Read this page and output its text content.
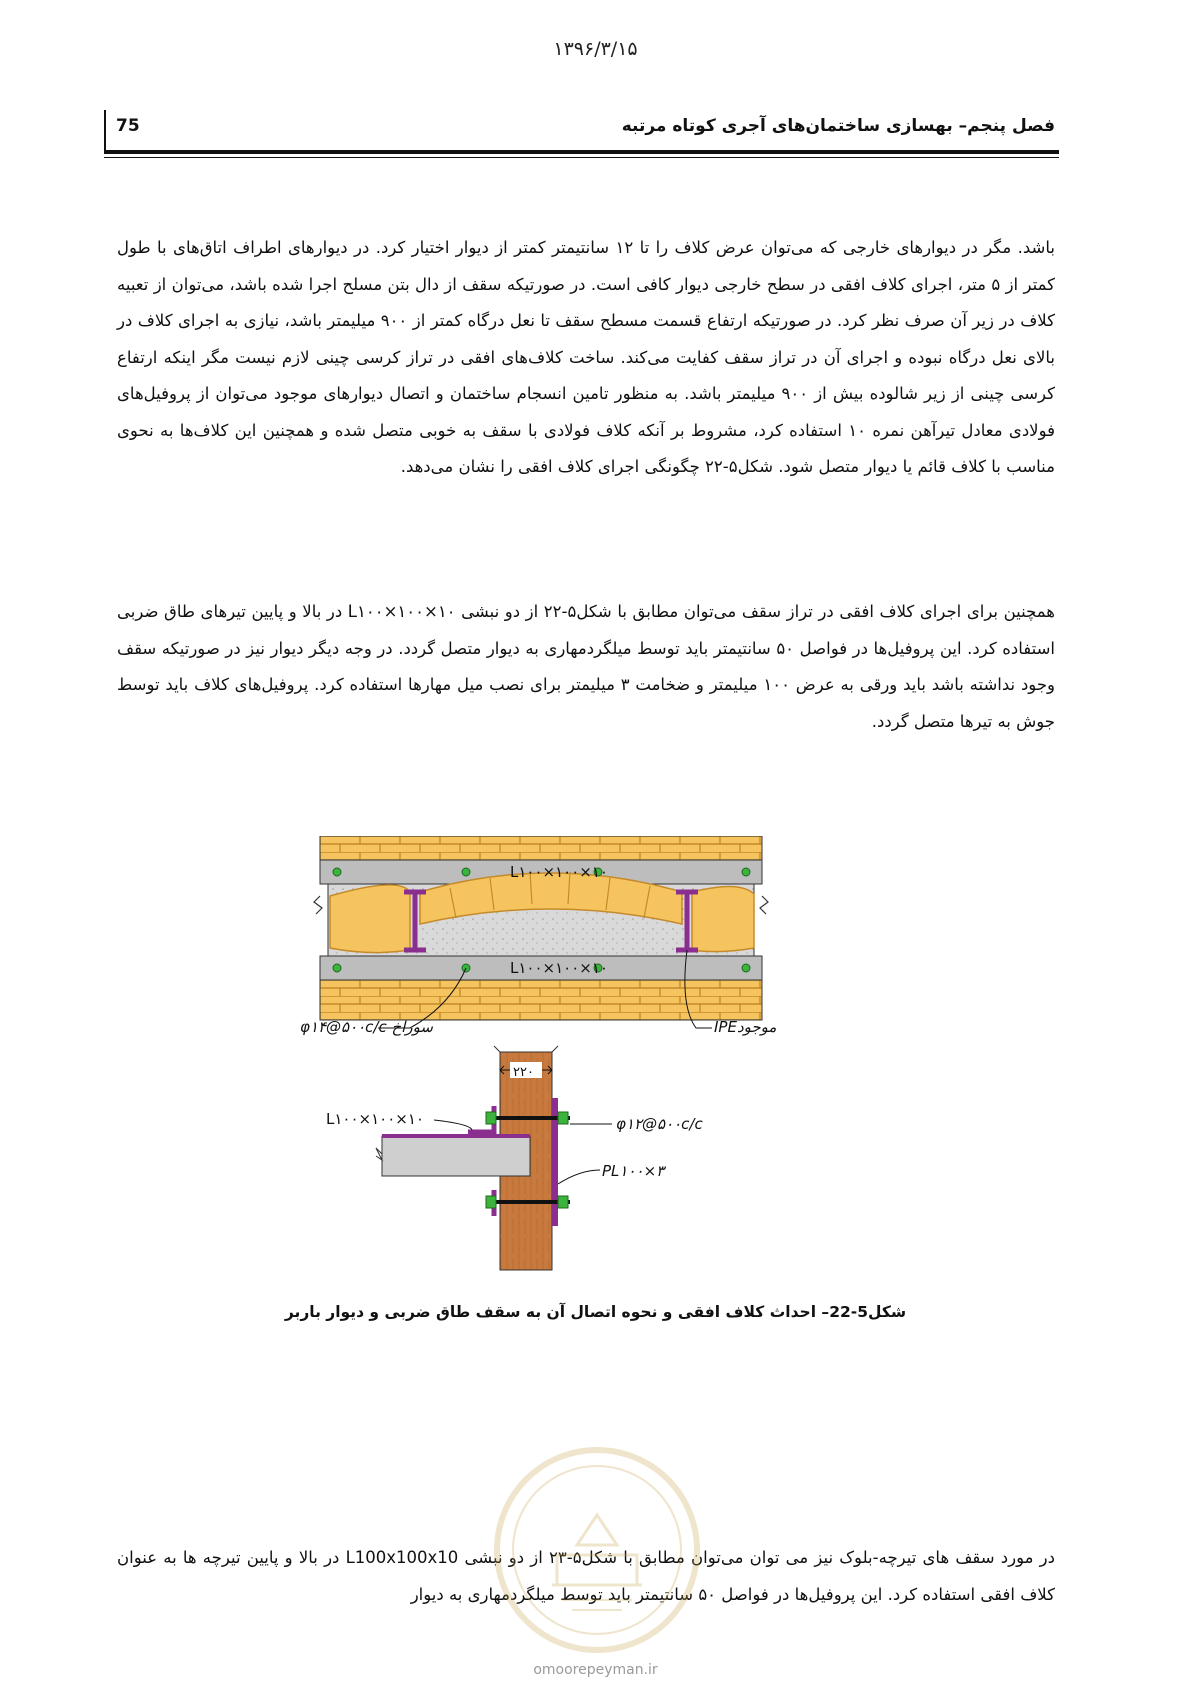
۱۳۹۶/۳/۱۵
75	فصل پنجم– بهسازی ساختمان‌های آجری کوتاه مرتبه
باشد. مگر در دیوارهای خارجی که می‌توان عرض کلاف را تا ۱۲ سانتیمتر کمتر از دیوار اختیار کرد. در دیوارهای اطراف اتاق‌های با طول کمتر از ۵ متر، اجرای کلاف افقی در سطح خارجی دیوار کافی است. در صورتیکه سقف از دال بتن مسلح اجرا شده باشد، می‌توان از تعبیه کلاف در زیر آن صرف نظر کرد. در صورتیکه ارتفاع قسمت مسطح سقف تا نعل درگاه کمتر از ۹۰۰ میلیمتر باشد، نیازی به اجرای کلاف در بالای نعل درگاه نبوده و اجرای آن در تراز سقف کفایت می‌کند. ساخت کلاف‌های افقی در تراز کرسی چینی لازم نیست مگر اینکه ارتفاع کرسی چینی از زیر شالوده بیش از ۹۰۰ میلیمتر باشد. به منظور تامین انسجام ساختمان و اتصال دیوارهای موجود می‌توان از پروفیل‌های فولادی معادل تیرآهن نمره ۱۰ استفاده کرد، مشروط بر آنکه کلاف فولادی با سقف به خوبی متصل شده و همچنین این کلاف‌ها به نحوی مناسب با کلاف قائم یا دیوار متصل شود. شکل۵-۲۲ چگونگی اجرای کلاف افقی را نشان می‌دهد.
همچنین برای اجرای کلاف افقی در تراز سقف می‌توان مطابق با شکل۵-۲۲ از دو نبشی L۱۰۰×۱۰۰×۱۰ در بالا و پایین تیرهای طاق ضربی استفاده کرد. این پروفیل‌ها در فواصل ۵۰ سانتیمتر باید توسط میلگردمهاری به دیوار متصل گردد. در وجه دیگر دیوار نیز در صورتیکه سقف وجود نداشته باشد باید ورقی به عرض ۱۰۰ میلیمتر و ضخامت ۳ میلیمتر برای نصب میل مهارها استفاده کرد. پروفیل‌های کلاف باید توسط جوش به تیرها متصل گردد.
L۱۰۰×۱۰۰×۱۰
L۱۰۰×۱۰۰×۱۰
φ۱۴@۵۰۰c/c سوراخ	IPEموجود
۲۲۰
L۱۰۰×۱۰۰×۱۰	φ۱۲@۵۰۰c/c
PL۱۰۰×۳
شکل5-22– احداث کلاف افقی و نحوه اتصال آن به سقف طاق ضربی و دیوار باربر
در مورد سقف های تیرچه-بلوک نیز می توان می‌توان مطابق با شکل۵-۲۳ از دو نبشی L100x100x10 در بالا و پایین تیرچه ها به عنوان کلاف افقی استفاده کرد. این پروفیل‌ها در فواصل ۵۰ سانتیمتر باید توسط میلگردمهاری به دیوار
omoorepeyman.ir
